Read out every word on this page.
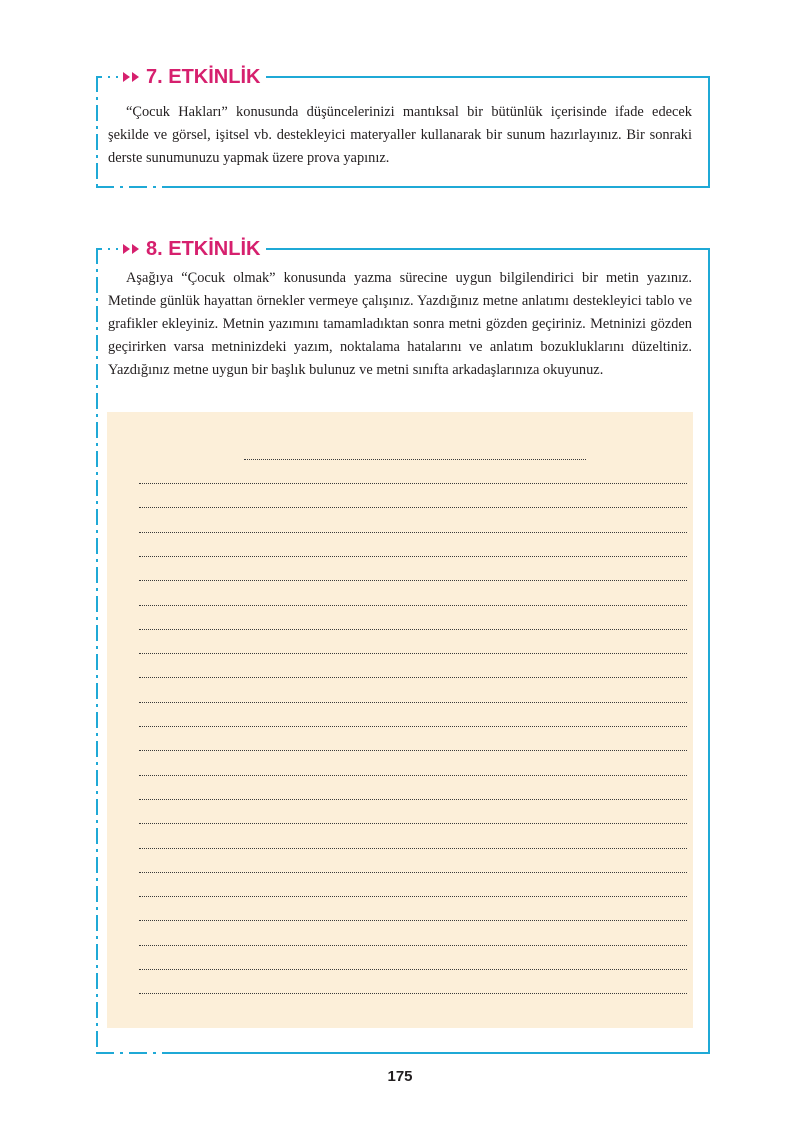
7. ETKİNLİK
“Çocuk Hakları” konusunda düşüncelerinizi mantıksal bir bütünlük içerisinde ifade edecek şekilde ve görsel, işitsel vb. destekleyici materyaller kullanarak bir sunum hazırlayınız. Bir sonraki derste sunumunuzu yapmak üzere prova yapınız.
8. ETKİNLİK
Aşağıya “Çocuk olmak” konusunda yazma sürecine uygun bilgilendirici bir metin yazınız. Metinde günlük hayattan örnekler vermeye çalışınız. Yazdığınız metne anlatımı destekleyici tablo ve grafikler ekleyiniz. Metnin yazımını tamamladıktan sonra metni gözden geçiriniz. Metninizi gözden geçirirken varsa metninizdeki yazım, noktalama hatalarını ve anlatım bozukluklarını düzeltiniz. Yazdığınız metne uygun bir başlık bulunuz ve metni sınıfta arkadaşlarınıza okuyunuz.
175
